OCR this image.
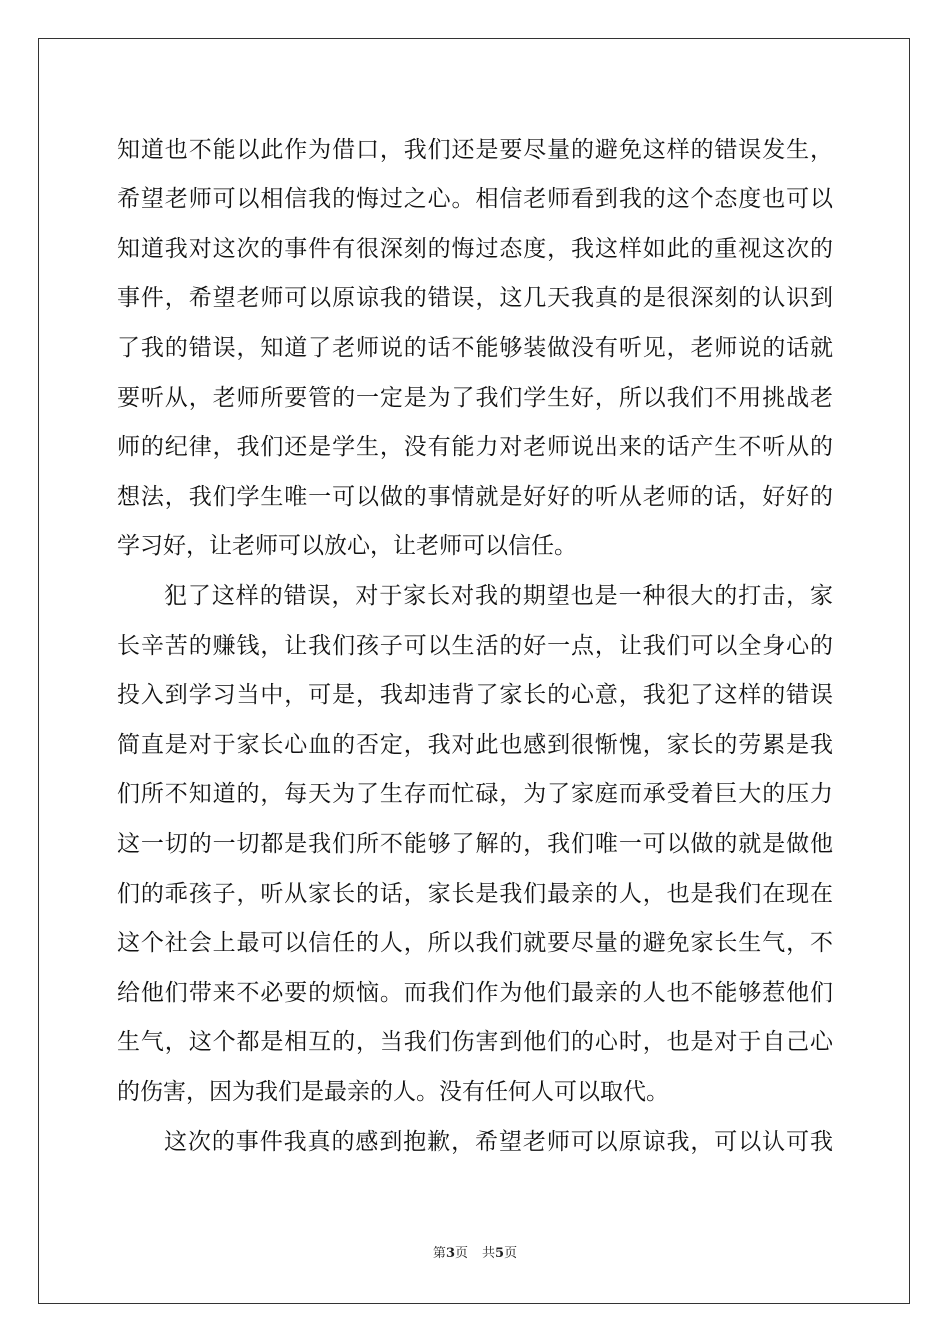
知道也不能以此作为借口，我们还是要尽量的避免这样的错误发生，
希望老师可以相信我的悔过之心。相信老师看到我的这个态度也可以
知道我对这次的事件有很深刻的悔过态度，我这样如此的重视这次的
事件，希望老师可以原谅我的错误，这几天我真的是很深刻的认识到
了我的错误，知道了老师说的话不能够装做没有听见，老师说的话就
要听从，老师所要管的一定是为了我们学生好，所以我们不用挑战老
师的纪律，我们还是学生，没有能力对老师说出来的话产生不听从的
想法，我们学生唯一可以做的事情就是好好的听从老师的话，好好的
学习好，让老师可以放心，让老师可以信任。
犯了这样的错误，对于家长对我的期望也是一种很大的打击，家
长辛苦的赚钱，让我们孩子可以生活的好一点，让我们可以全身心的
投入到学习当中，可是，我却违背了家长的心意，我犯了这样的错误
简直是对于家长心血的否定，我对此也感到很惭愧，家长的劳累是我
们所不知道的，每天为了生存而忙碌，为了家庭而承受着巨大的压力
这一切的一切都是我们所不能够了解的，我们唯一可以做的就是做他
们的乖孩子，听从家长的话，家长是我们最亲的人，也是我们在现在
这个社会上最可以信任的人，所以我们就要尽量的避免家长生气，不
给他们带来不必要的烦恼。而我们作为他们最亲的人也不能够惹他们
生气，这个都是相互的，当我们伤害到他们的心时，也是对于自己心
的伤害，因为我们是最亲的人。没有任何人可以取代。
这次的事件我真的感到抱歉，希望老师可以原谅我，可以认可我
第3页 共5页
